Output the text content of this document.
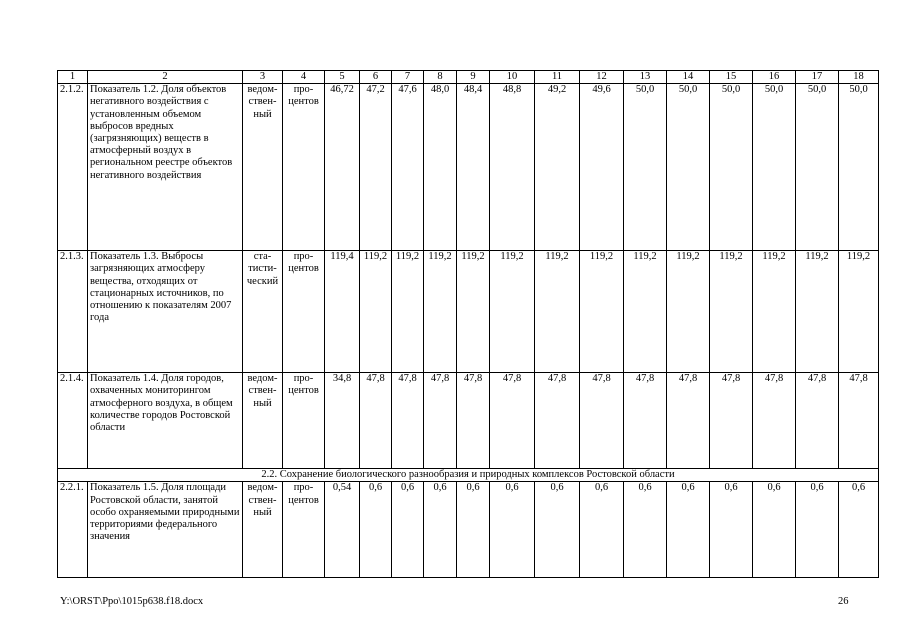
1	2	3	4	5	6	7	8	9	10	11	12	13	14	15	16	17	18
2.1.2.	Показатель 1.2. Доля объектов негативного воздействия с установленным объемом выбросов вредных (загрязняющих) веществ в атмосферный воздух в региональном реестре объектов негативного воздействия	ведом-ствен-ный	про-центов	46,72	47,2	47,6	48,0	48,4	48,8	49,2	49,6	50,0	50,0	50,0	50,0	50,0	50,0
2.1.3.	Показатель 1.3. Выбросы загрязняющих атмосферу вещества, отходящих от стационарных источников, по отношению к показателям 2007 года	ста-тисти-ческий	про-центов	119,4	119,2	119,2	119,2	119,2	119,2	119,2	119,2	119,2	119,2	119,2	119,2	119,2	119,2
2.1.4.	Показатель 1.4. Доля городов, охваченных мониторингом атмосферного воздуха, в общем количестве городов Ростовской области	ведом-ствен-ный	про-центов	34,8	47,8	47,8	47,8	47,8	47,8	47,8	47,8	47,8	47,8	47,8	47,8	47,8	47,8
2.2. Сохранение биологического разнообразия и природных комплексов Ростовской области																	
2.2.1.	Показатель 1.5. Доля площади Ростовской области, занятой особо охраняемыми природными территориями федерального значения	ведом-ствен-ный	про-центов	0,54	0,6	0,6	0,6	0,6	0,6	0,6	0,6	0,6	0,6	0,6	0,6	0,6	0,6
Y:\ORST\Ppo\1015p638.f18.docx	26
